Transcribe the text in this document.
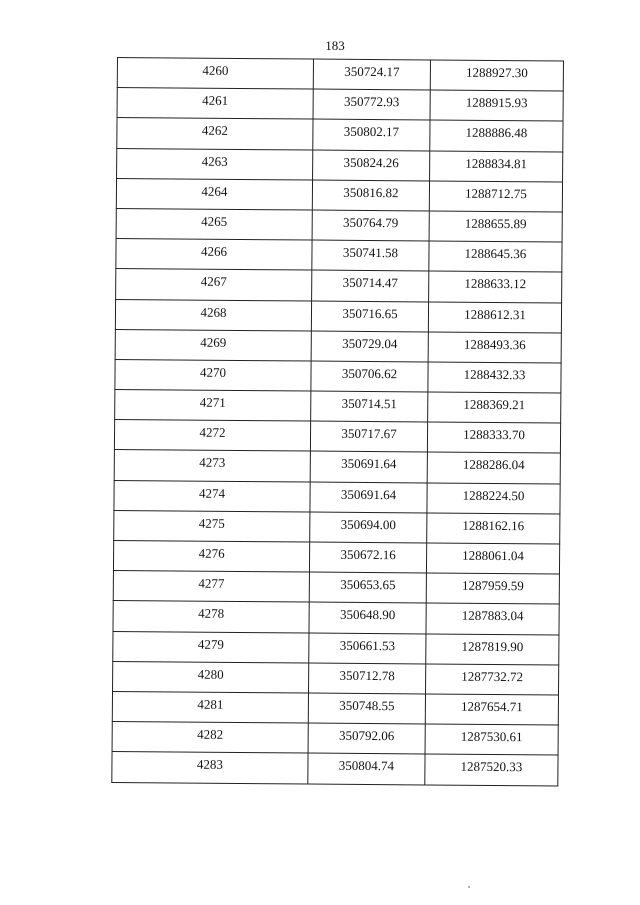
183
4260	350724.17	1288927.30
4261	350772.93	1288915.93
4262	350802.17	1288886.48
4263	350824.26	1288834.81
4264	350816.82	1288712.75
4265	350764.79	1288655.89
4266	350741.58	1288645.36
4267	350714.47	1288633.12
4268	350716.65	1288612.31
4269	350729.04	1288493.36
4270	350706.62	1288432.33
4271	350714.51	1288369.21
4272	350717.67	1288333.70
4273	350691.64	1288286.04
4274	350691.64	1288224.50
4275	350694.00	1288162.16
4276	350672.16	1288061.04
4277	350653.65	1287959.59
4278	350648.90	1287883.04
4279	350661.53	1287819.90
4280	350712.78	1287732.72
4281	350748.55	1287654.71
4282	350792.06	1287530.61
4283	350804.74	1287520.33
